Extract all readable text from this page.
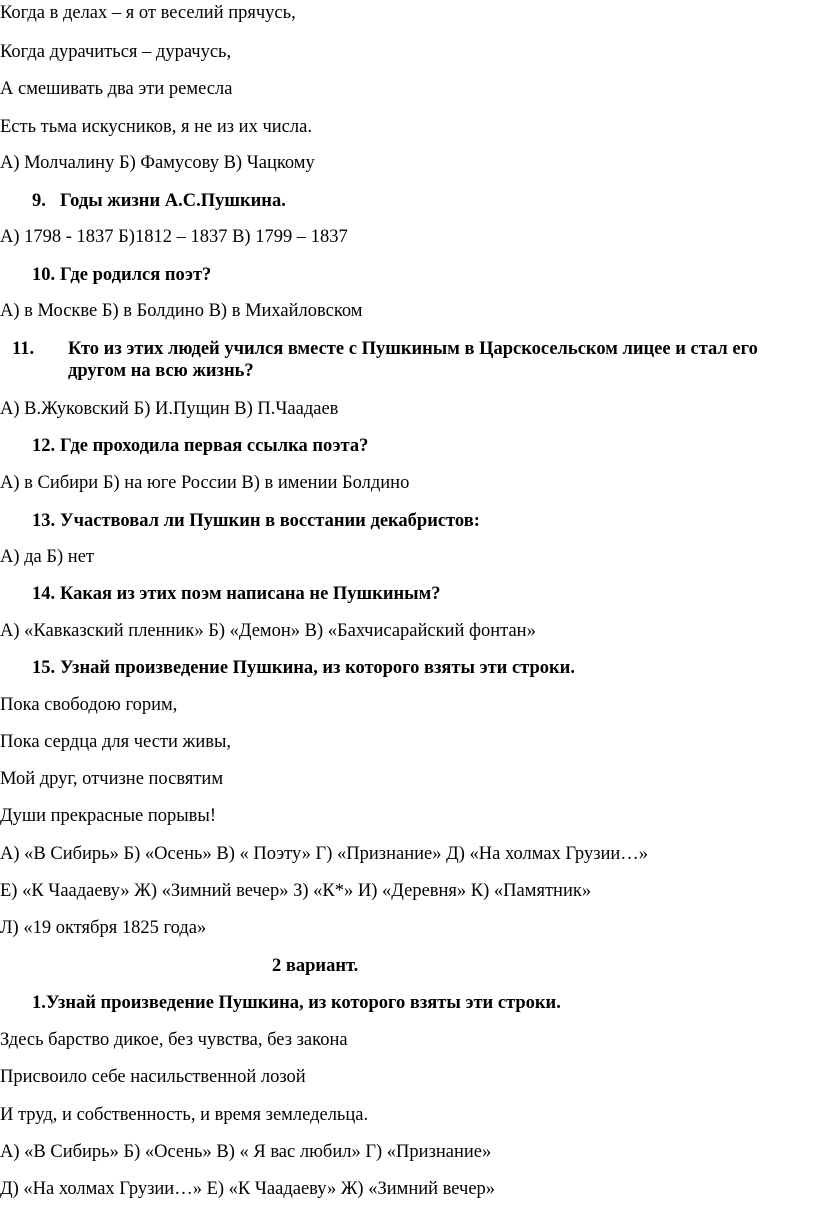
Когда в делах – я от веселий прячусь,
Когда дурачиться – дурачусь,
А смешивать два эти ремесла
Есть тьма искусников, я не из их числа.
А) Молчалину Б) Фамусову В) Чацкому
9. Годы жизни А.С.Пушкина.
А) 1798 - 1837 Б)1812 – 1837 В) 1799 – 1837
10. Где родился поэт?
А) в Москве Б) в Болдино В) в Михайловском
11. Кто из этих людей учился вместе с Пушкиным в Царскосельском лицее и стал его другом на всю жизнь?
А) В.Жуковский Б) И.Пущин В) П.Чаадаев
12. Где проходила первая ссылка поэта?
А) в Сибири Б) на юге России В) в имении Болдино
13. Участвовал ли Пушкин в восстании декабристов:
А) да Б) нет
14. Какая из этих поэм написана не Пушкиным?
А) «Кавказский пленник» Б) «Демон» В) «Бахчисарайский фонтан»
15. Узнай произведение Пушкина, из которого взяты эти строки.
Пока свободою горим,
Пока сердца для чести живы,
Мой друг, отчизне посвятим
Души прекрасные порывы!
А) «В Сибирь» Б) «Осень» В) « Поэту» Г) «Признание» Д) «На холмах Грузии…»
Е) «К Чаадаеву» Ж) «Зимний вечер» З) «К*» И) «Деревня» К) «Памятник»
Л) «19 октября 1825 года»
2 вариант.
1.Узнай произведение Пушкина, из которого взяты эти строки.
Здесь барство дикое, без чувства, без закона
Присвоило себе насильственной лозой
И труд, и собственность, и время земледельца.
А) «В Сибирь» Б) «Осень» В) « Я вас любил» Г) «Признание»
Д) «На холмах Грузии…» Е) «К Чаадаеву» Ж) «Зимний вечер»
